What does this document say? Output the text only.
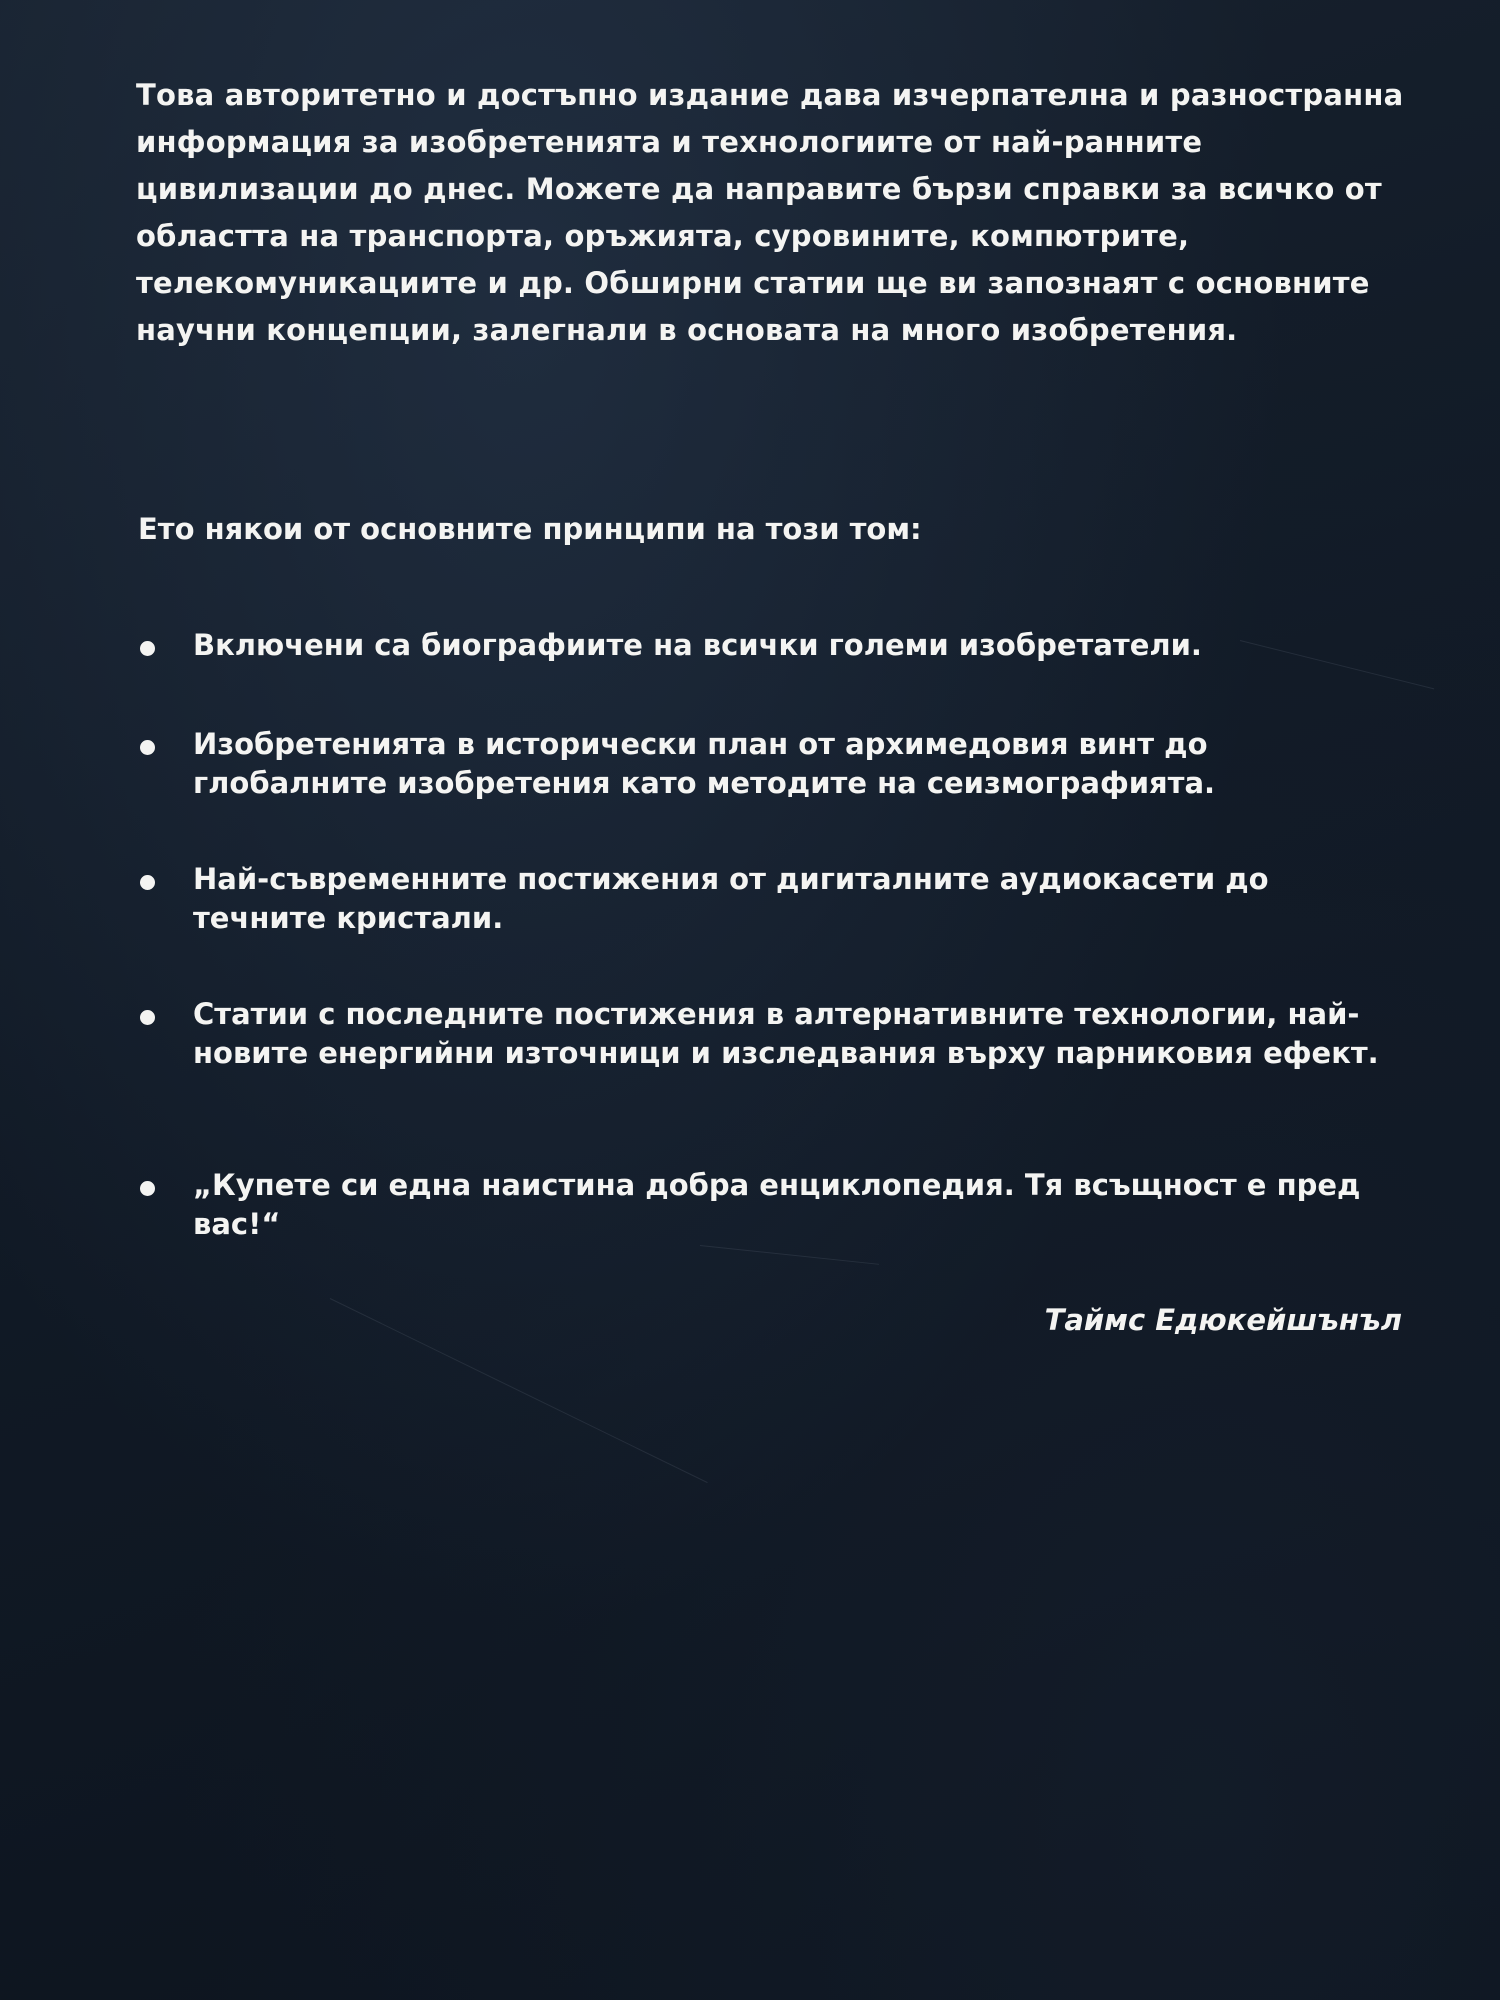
Това авторитетно и достъпно издание дава изчерпателна и разностранна информация за изобретенията и технологиите от най-ранните цивилизации до днес. Можете да направите бързи справки за всичко от областта на транспорта, оръжията, суровините, компютрите, телекомуникациите и др. Обширни статии ще ви запознаят с основните научни концепции, залегнали в основата на много изобретения.

Ето някои от основните принципи на този том:

Включени са биографиите на всички големи изобретатели.
Изобретенията в исторически план от архимедовия винт до глобалните изобретения като методите на сеизмографията.
Най-съвременните постижения от дигиталните аудиокасети до течните кристали.
Статии с последните постижения в алтернативните технологии, най-новите енергийни източници и изследвания върху парниковия ефект.
„Купете си една наистина добра енциклопедия. Тя всъщност е пред вас!“
Таймс Едюкейшънъл
